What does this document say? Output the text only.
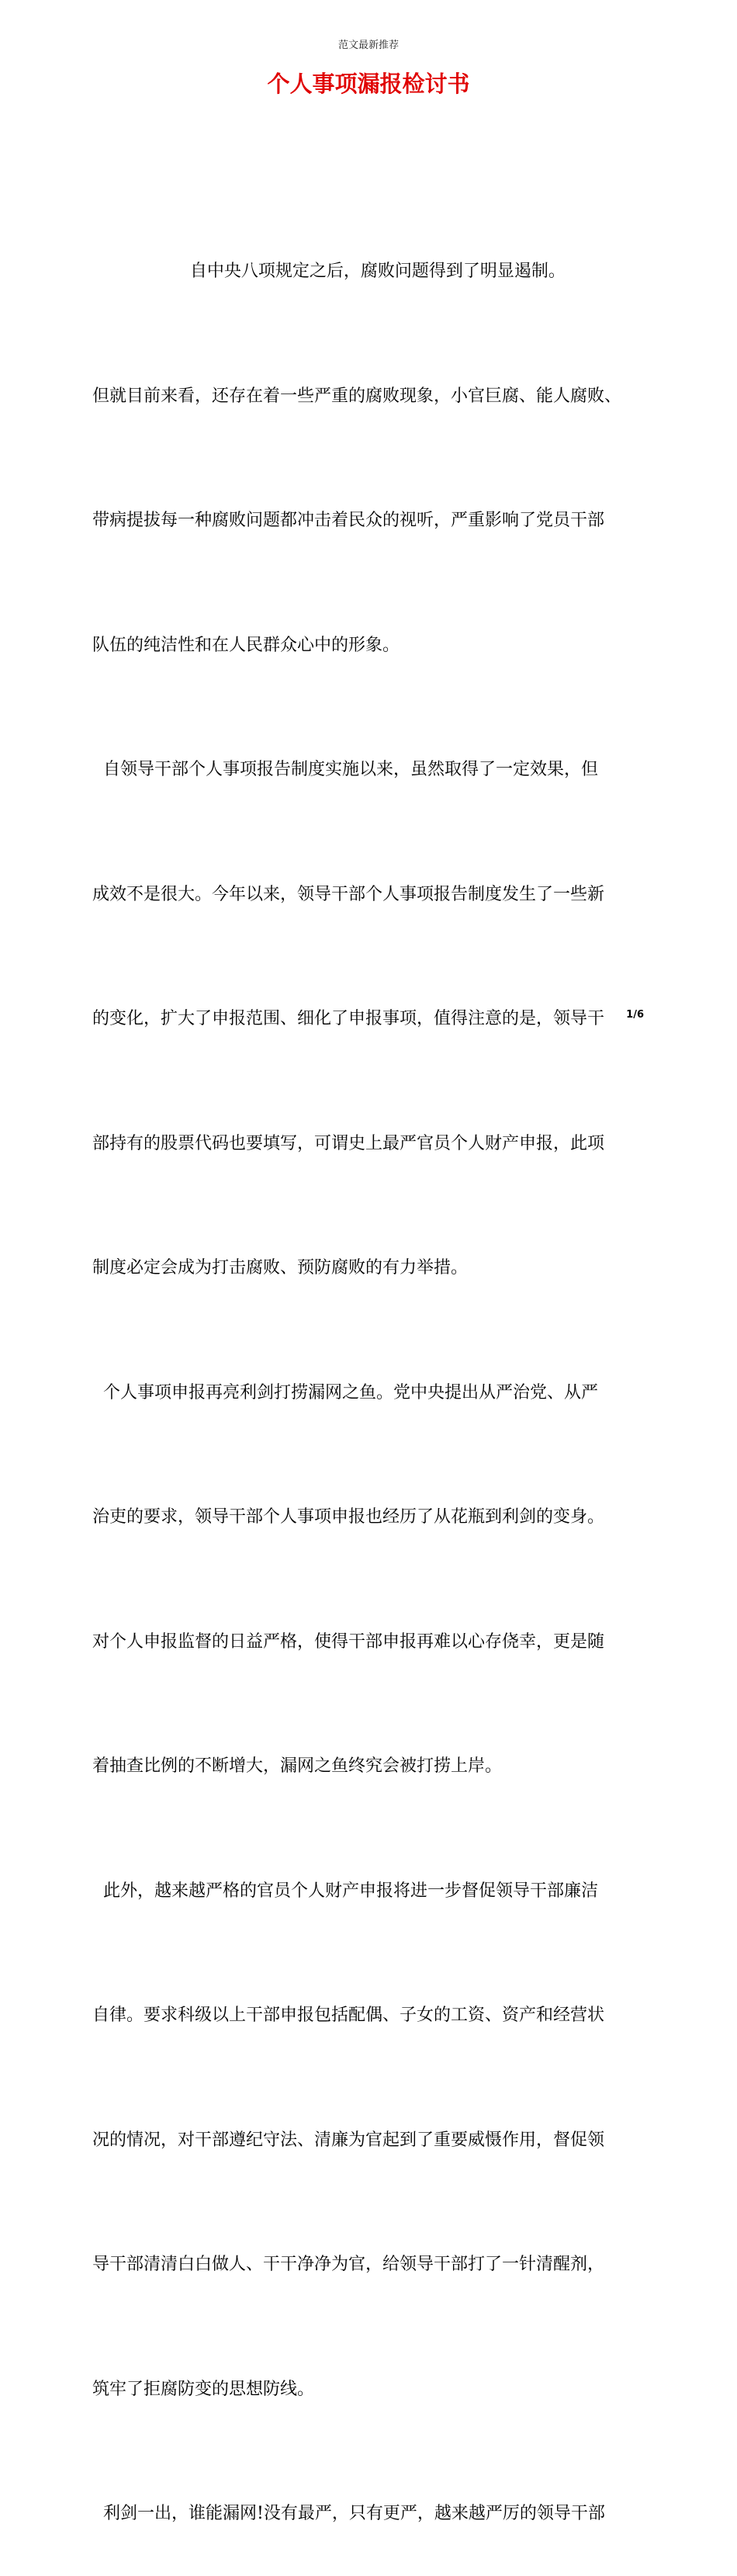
范文最新推荐
个人事项漏报检讨书

自中央八项规定之后，腐败问题得到了明显遏制。

但就目前来看，还存在着一些严重的腐败现象，小官巨腐、能人腐败、

带病提拔每一种腐败问题都冲击着民众的视听，严重影响了党员干部

队伍的纯洁性和在人民群众心中的形象。

自领导干部个人事项报告制度实施以来，虽然取得了一定效果，但

成效不是很大。今年以来，领导干部个人事项报告制度发生了一些新

的变化，扩大了申报范围、细化了申报事项，值得注意的是，领导干

部持有的股票代码也要填写，可谓史上最严官员个人财产申报，此项

制度必定会成为打击腐败、预防腐败的有力举措。

个人事项申报再亮利剑打捞漏网之鱼。党中央提出从严治党、从严

治吏的要求，领导干部个人事项申报也经历了从花瓶到利剑的变身。

对个人申报监督的日益严格，使得干部申报再难以心存侥幸，更是随

着抽查比例的不断增大，漏网之鱼终究会被打捞上岸。

此外，越来越严格的官员个人财产申报将进一步督促领导干部廉洁

自律。要求科级以上干部申报包括配偶、子女的工资、资产和经营状

况的情况，对干部遵纪守法、清廉为官起到了重要威慑作用，督促领

导干部清清白白做人、干干净净为官，给领导干部打了一针清醒剂，

筑牢了拒腐防变的思想防线。

利剑一出，谁能漏网!没有最严，只有更严，越来越严厉的领导干部

1/6
